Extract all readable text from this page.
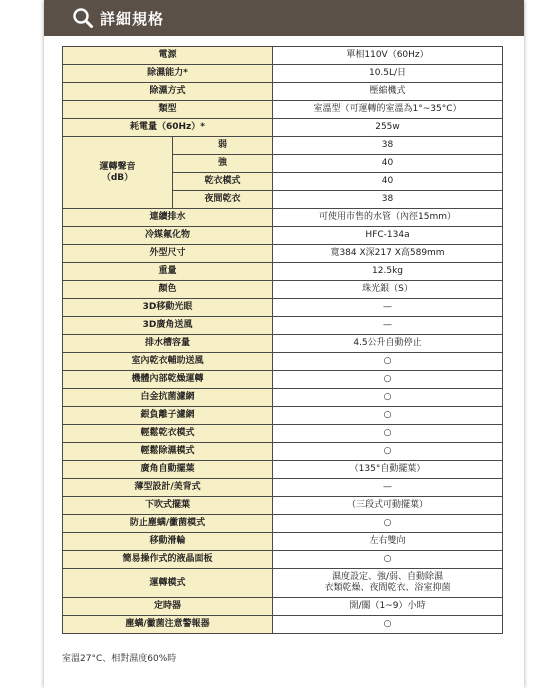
詳細規格
電源		單相110V（60Hz）
除濕能力*		10.5L/日
除濕方式		壓縮機式
類型		室溫型（可運轉的室溫為1°~35°C）
耗電量（60Hz）*		255w

運轉聲音
（dB）	弱	38
	強	40
	乾衣模式	40
	夜間乾衣	38
連續排水		可使用市售的水管（內徑15mm）
冷媒氟化物		HFC-134a
外型尺寸		寬384 X深217 X高589mm
重量		12.5kg
顏色		珠光銀（S）
3D移動光眼		—
3D廣角送風		—
排水槽容量		4.5公升自動停止
室內乾衣輔助送風		○
機體內部乾燥運轉		○
白金抗菌濾網		○
銀負離子濾網		○
輕鬆乾衣模式		○
輕鬆除濕模式		○
廣角自動擺葉		（135°自動擺葉）
薄型設計/美背式		—
下吹式擺葉		（三段式可動擺葉）
防止塵螨/黴菌模式		○
移動滑輪		左右雙向
簡易操作式的液晶面板		○
運轉模式		濕度設定、強/弱、自動除濕
衣類乾燥、夜間乾衣、浴室抑菌

定時器		開/關（1~9）小時
塵螨/黴菌注意警報器		○
室溫27°C、相對濕度60%時
